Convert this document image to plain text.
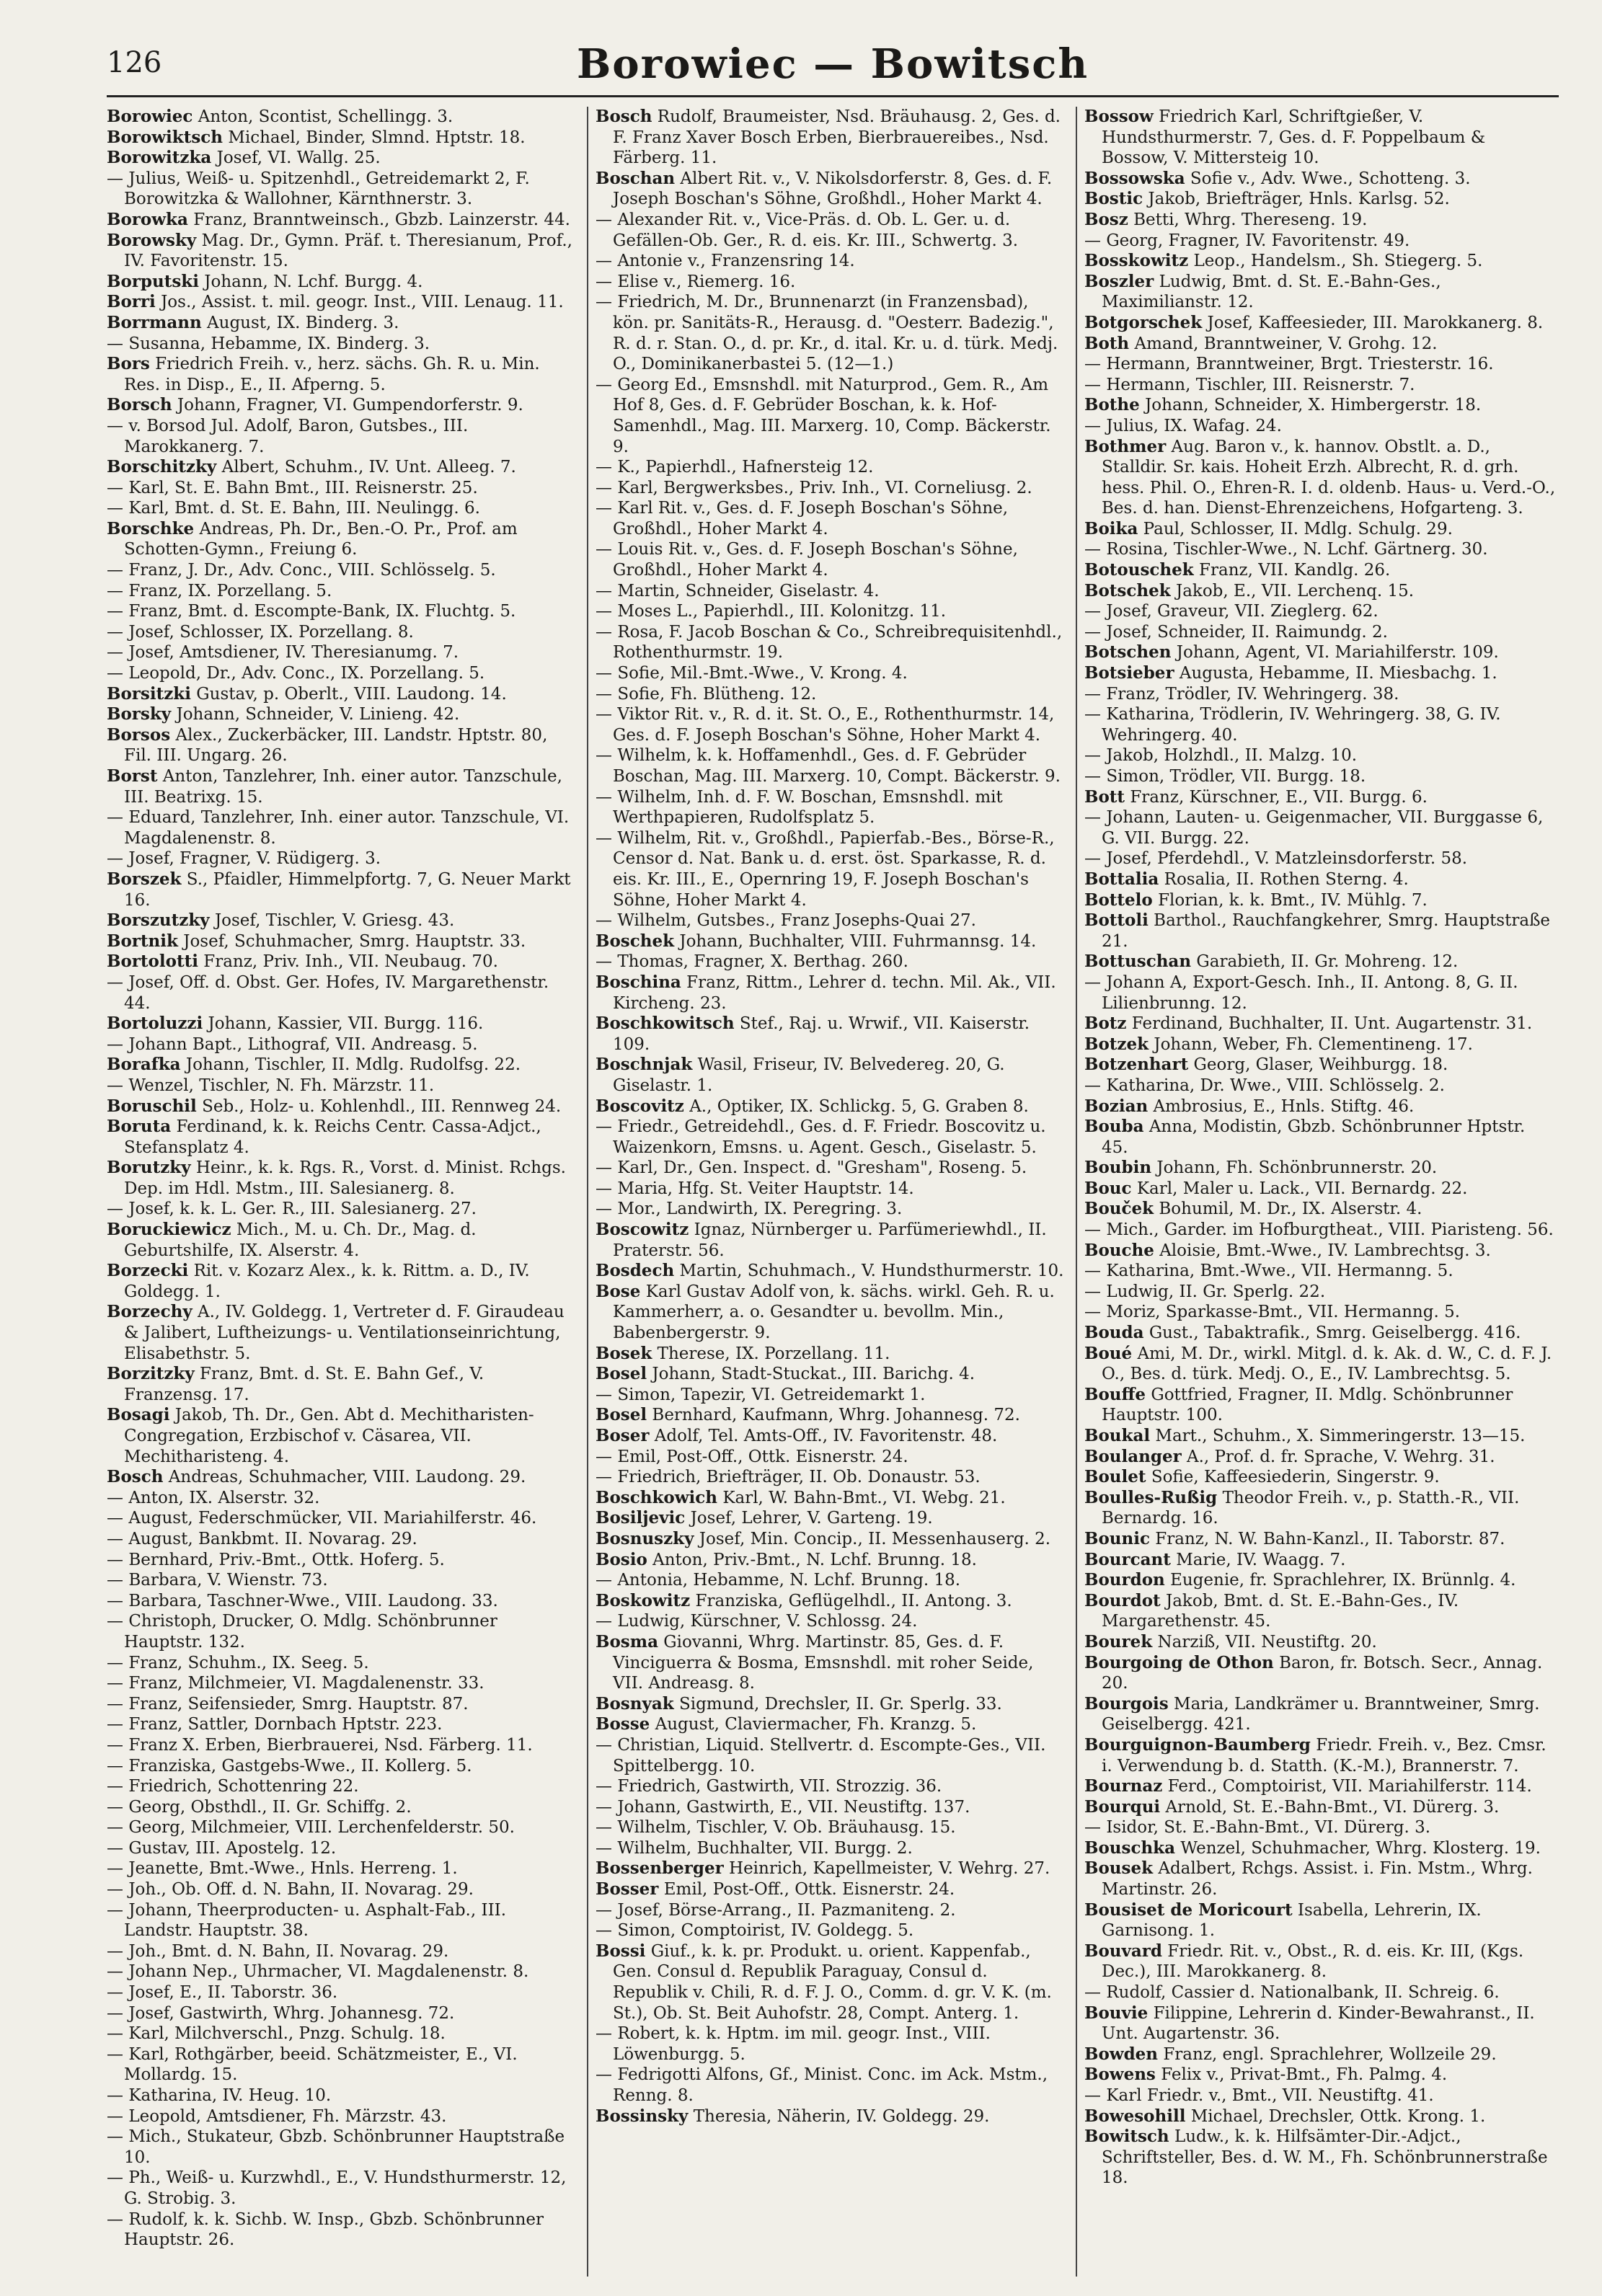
126	Borowiec — Bowitsch
Borowiec Anton, Scontist, Schellingg. 3.
Borowiktsch Michael, Binder, Slmnd. Hptstr. 18.
Borowitzka Josef, VI. Wallg. 25.
— Julius, Weiß- u. Spitzenhdl., Getreidemarkt 2, F. Borowitzka & Wallohner, Kärnthnerstr. 3.
Borowka Franz, Branntweinsch., Gbzb. Lainzerstr. 44.
Borowsky Mag. Dr., Gymn. Präf. t. Theresianum, Prof., IV. Favoritenstr. 15.
Borputski Johann, N. Lchf. Burgg. 4.
Borri Jos., Assist. t. mil. geogr. Inst., VIII. Lenaug. 11.
Borrmann August, IX. Binderg. 3.
— Susanna, Hebamme, IX. Binderg. 3.
Bors Friedrich Freih. v., herz. sächs. Gh. R. u. Min. Res. in Disp., E., II. Afperng. 5.
Borsch Johann, Fragner, VI. Gumpendorferstr. 9.
— v. Borsod Jul. Adolf, Baron, Gutsbes., III. Marokkanerg. 7.
Borschitzky Albert, Schuhm., IV. Unt. Alleeg. 7.
— Karl, St. E. Bahn Bmt., III. Reisnerstr. 25.
— Karl, Bmt. d. St. E. Bahn, III. Neulingg. 6.
Borschke Andreas, Ph. Dr., Ben.-O. Pr., Prof. am Schotten-Gymn., Freiung 6.
— Franz, J. Dr., Adv. Conc., VIII. Schlösselg. 5.
— Franz, IX. Porzellang. 5.
— Franz, Bmt. d. Escompte-Bank, IX. Fluchtg. 5.
— Josef, Schlosser, IX. Porzellang. 8.
— Josef, Amtsdiener, IV. Theresianumg. 7.
— Leopold, Dr., Adv. Conc., IX. Porzellang. 5.
Borsitzki Gustav, p. Oberlt., VIII. Laudong. 14.
Borsky Johann, Schneider, V. Linieng. 42.
Borsos Alex., Zuckerbäcker, III. Landstr. Hptstr. 80, Fil. III. Ungarg. 26.
Borst Anton, Tanzlehrer, Inh. einer autor. Tanzschule, III. Beatrixg. 15.
— Eduard, Tanzlehrer, Inh. einer autor. Tanzschule, VI. Magdalenenstr. 8.
— Josef, Fragner, V. Rüdigerg. 3.
Borszek S., Pfaidler, Himmelpfortg. 7, G. Neuer Markt 16.
Borszutzky Josef, Tischler, V. Griesg. 43.
Bortnik Josef, Schuhmacher, Smrg. Hauptstr. 33.
Bortolotti Franz, Priv. Inh., VII. Neubaug. 70.
— Josef, Off. d. Obst. Ger. Hofes, IV. Margarethenstr. 44.
Bortoluzzi Johann, Kassier, VII. Burgg. 116.
— Johann Bapt., Lithograf, VII. Andreasg. 5.
Borafka Johann, Tischler, II. Mdlg. Rudolfsg. 22.
— Wenzel, Tischler, N. Fh. Märzstr. 11.
Boruschil Seb., Holz- u. Kohlenhdl., III. Rennweg 24.
Boruta Ferdinand, k. k. Reichs Centr. Cassa-Adjct., Stefansplatz 4.
Borutzky Heinr., k. k. Rgs. R., Vorst. d. Minist. Rchgs. Dep. im Hdl. Mstm., III. Salesianerg. 8.
— Josef, k. k. L. Ger. R., III. Salesianerg. 27.
Boruckiewicz Mich., M. u. Ch. Dr., Mag. d. Geburtshilfe, IX. Alserstr. 4.
Borzecki Rit. v. Kozarz Alex., k. k. Rittm. a. D., IV. Goldegg. 1.
Borzechy A., IV. Goldegg. 1, Vertreter d. F. Giraudeau & Jalibert, Luftheizungs- u. Ventilationseinrichtung, Elisabethstr. 5.
Borzitzky Franz, Bmt. d. St. E. Bahn Gef., V. Franzensg. 17.
Bosagi Jakob, Th. Dr., Gen. Abt d. Mechitharisten-Congregation, Erzbischof v. Cäsarea, VII. Mechitharisteng. 4.
Bosch Andreas, Schuhmacher, VIII. Laudong. 29.
— Anton, IX. Alserstr. 32.
— August, Federschmücker, VII. Mariahilferstr. 46.
— August, Bankbmt. II. Novarag. 29.
— Bernhard, Priv.-Bmt., Ottk. Hoferg. 5.
— Barbara, V. Wienstr. 73.
— Barbara, Taschner-Wwe., VIII. Laudong. 33.
— Christoph, Drucker, O. Mdlg. Schönbrunner Hauptstr. 132.
— Franz, Schuhm., IX. Seeg. 5.
— Franz, Milchmeier, VI. Magdalenenstr. 33.
— Franz, Seifensieder, Smrg. Hauptstr. 87.
— Franz, Sattler, Dornbach Hptstr. 223.
— Franz X. Erben, Bierbrauerei, Nsd. Färberg. 11.
— Franziska, Gastgebs-Wwe., II. Kollerg. 5.
— Friedrich, Schottenring 22.
— Georg, Obsthdl., II. Gr. Schiffg. 2.
— Georg, Milchmeier, VIII. Lerchenfelderstr. 50.
— Gustav, III. Apostelg. 12.
— Jeanette, Bmt.-Wwe., Hnls. Herreng. 1.
— Joh., Ob. Off. d. N. Bahn, II. Novarag. 29.
— Johann, Theerproducten- u. Asphalt-Fab., III. Landstr. Hauptstr. 38.
— Joh., Bmt. d. N. Bahn, II. Novarag. 29.
— Johann Nep., Uhrmacher, VI. Magdalenenstr. 8.
— Josef, E., II. Taborstr. 36.
— Josef, Gastwirth, Whrg. Johannesg. 72.
— Karl, Milchverschl., Pnzg. Schulg. 18.
— Karl, Rothgärber, beeid. Schätzmeister, E., VI. Mollardg. 15.
— Katharina, IV. Heug. 10.
— Leopold, Amtsdiener, Fh. Märzstr. 43.
— Mich., Stukateur, Gbzb. Schönbrunner Hauptstraße 10.
— Ph., Weiß- u. Kurzwhdl., E., V. Hundsthurmerstr. 12, G. Strobig. 3.
— Rudolf, k. k. Sichb. W. Insp., Gbzb. Schönbrunner Hauptstr. 26.
Bosch Rudolf, Braumeister, Nsd. Bräuhausg. 2, Ges. d. F. Franz Xaver Bosch Erben, Bierbrauereibes., Nsd. Färberg. 11.
Boschan Albert Rit. v., V. Nikolsdorferstr. 8, Ges. d. F. Joseph Boschan's Söhne, Großhdl., Hoher Markt 4.
— Alexander Rit. v., Vice-Präs. d. Ob. L. Ger. u. d. Gefällen-Ob. Ger., R. d. eis. Kr. III., Schwertg. 3.
— Antonie v., Franzensring 14.
— Elise v., Riemerg. 16.
— Friedrich, M. Dr., Brunnenarzt (in Franzensbad), kön. pr. Sanitäts-R., Herausg. d. "Oesterr. Badezig.", R. d. r. Stan. O., d. pr. Kr., d. ital. Kr. u. d. türk. Medj. O., Dominikanerbastei 5. (12—1.)
— Georg Ed., Emsnshdl. mit Naturprod., Gem. R., Am Hof 8, Ges. d. F. Gebrüder Boschan, k. k. Hof-Samenhdl., Mag. III. Marxerg. 10, Comp. Bäckerstr. 9.
— K., Papierhdl., Hafnersteig 12.
— Karl, Bergwerksbes., Priv. Inh., VI. Corneliusg. 2.
— Karl Rit. v., Ges. d. F. Joseph Boschan's Söhne, Großhdl., Hoher Markt 4.
— Louis Rit. v., Ges. d. F. Joseph Boschan's Söhne, Großhdl., Hoher Markt 4.
— Martin, Schneider, Giselastr. 4.
— Moses L., Papierhdl., III. Kolonitzg. 11.
— Rosa, F. Jacob Boschan & Co., Schreibrequisitenhdl., Rothenthurmstr. 19.
— Sofie, Mil.-Bmt.-Wwe., V. Krong. 4.
— Sofie, Fh. Blütheng. 12.
— Viktor Rit. v., R. d. it. St. O., E., Rothenthurmstr. 14, Ges. d. F. Joseph Boschan's Söhne, Hoher Markt 4.
— Wilhelm, k. k. Hoffamenhdl., Ges. d. F. Gebrüder Boschan, Mag. III. Marxerg. 10, Compt. Bäckerstr. 9.
— Wilhelm, Inh. d. F. W. Boschan, Emsnshdl. mit Werthpapieren, Rudolfsplatz 5.
— Wilhelm, Rit. v., Großhdl., Papierfab.-Bes., Börse-R., Censor d. Nat. Bank u. d. erst. öst. Sparkasse, R. d. eis. Kr. III., E., Opernring 19, F. Joseph Boschan's Söhne, Hoher Markt 4.
— Wilhelm, Gutsbes., Franz Josephs-Quai 27.
Boschek Johann, Buchhalter, VIII. Fuhrmannsg. 14.
— Thomas, Fragner, X. Berthag. 260.
Boschina Franz, Rittm., Lehrer d. techn. Mil. Ak., VII. Kircheng. 23.
Boschkowitsch Stef., Raj. u. Wrwif., VII. Kaiserstr. 109.
Boschnjak Wasil, Friseur, IV. Belvedereg. 20, G. Giselastr. 1.
Boscovitz A., Optiker, IX. Schlickg. 5, G. Graben 8.
— Friedr., Getreidehdl., Ges. d. F. Friedr. Boscovitz u. Waizenkorn, Emsns. u. Agent. Gesch., Giselastr. 5.
— Karl, Dr., Gen. Inspect. d. "Gresham", Roseng. 5.
— Maria, Hfg. St. Veiter Hauptstr. 14.
— Mor., Landwirth, IX. Peregring. 3.
Boscowitz Ignaz, Nürnberger u. Parfümeriewhdl., II. Praterstr. 56.
Bosdech Martin, Schuhmach., V. Hundsthurmerstr. 10.
Bose Karl Gustav Adolf von, k. sächs. wirkl. Geh. R. u. Kammerherr, a. o. Gesandter u. bevollm. Min., Babenbergerstr. 9.
Bosek Therese, IX. Porzellang. 11.
Bosel Johann, Stadt-Stuckat., III. Barichg. 4.
— Simon, Tapezir, VI. Getreidemarkt 1.
Bosel Bernhard, Kaufmann, Whrg. Johannesg. 72.
Boser Adolf, Tel. Amts-Off., IV. Favoritenstr. 48.
— Emil, Post-Off., Ottk. Eisnerstr. 24.
— Friedrich, Briefträger, II. Ob. Donaustr. 53.
Boschkowich Karl, W. Bahn-Bmt., VI. Webg. 21.
Bosiljevic Josef, Lehrer, V. Garteng. 19.
Bosnuszky Josef, Min. Concip., II. Messenhauserg. 2.
Bosio Anton, Priv.-Bmt., N. Lchf. Brunng. 18.
— Antonia, Hebamme, N. Lchf. Brunng. 18.
Boskowitz Franziska, Geflügelhdl., II. Antong. 3.
— Ludwig, Kürschner, V. Schlossg. 24.
Bosma Giovanni, Whrg. Martinstr. 85, Ges. d. F. Vinciguerra & Bosma, Emsnshdl. mit roher Seide, VII. Andreasg. 8.
Bosnyak Sigmund, Drechsler, II. Gr. Sperlg. 33.
Bosse August, Claviermacher, Fh. Kranzg. 5.
— Christian, Liquid. Stellvertr. d. Escompte-Ges., VII. Spittelbergg. 10.
— Friedrich, Gastwirth, VII. Strozzig. 36.
— Johann, Gastwirth, E., VII. Neustiftg. 137.
— Wilhelm, Tischler, V. Ob. Bräuhausg. 15.
— Wilhelm, Buchhalter, VII. Burgg. 2.
Bossenberger Heinrich, Kapellmeister, V. Wehrg. 27.
Bosser Emil, Post-Off., Ottk. Eisnerstr. 24.
— Josef, Börse-Arrang., II. Pazmaniteng. 2.
— Simon, Comptoirist, IV. Goldegg. 5.
Bossi Giuf., k. k. pr. Produkt. u. orient. Kappenfab., Gen. Consul d. Republik Paraguay, Consul d. Republik v. Chili, R. d. F. J. O., Comm. d. gr. V. K. (m. St.), Ob. St. Beit Auhofstr. 28, Compt. Anterg. 1.
— Robert, k. k. Hptm. im mil. geogr. Inst., VIII. Löwenburgg. 5.
— Fedrigotti Alfons, Gf., Minist. Conc. im Ack. Mstm., Renng. 8.
Bossinsky Theresia, Näherin, IV. Goldegg. 29.
Bossow Friedrich Karl, Schriftgießer, V. Hundsthurmerstr. 7, Ges. d. F. Poppelbaum & Bossow, V. Mittersteig 10.
Bossowska Sofie v., Adv. Wwe., Schotteng. 3.
Bostic Jakob, Briefträger, Hnls. Karlsg. 52.
Bosz Betti, Whrg. Thereseng. 19.
— Georg, Fragner, IV. Favoritenstr. 49.
Bosskowitz Leop., Handelsm., Sh. Stiegerg. 5.
Boszler Ludwig, Bmt. d. St. E.-Bahn-Ges., Maximilianstr. 12.
Botgorschek Josef, Kaffeesieder, III. Marokkanerg. 8.
Both Amand, Branntweiner, V. Grohg. 12.
— Hermann, Branntweiner, Brgt. Triesterstr. 16.
— Hermann, Tischler, III. Reisnerstr. 7.
Bothe Johann, Schneider, X. Himbergerstr. 18.
— Julius, IX. Wafag. 24.
Bothmer Aug. Baron v., k. hannov. Obstlt. a. D., Stalldir. Sr. kais. Hoheit Erzh. Albrecht, R. d. grh. hess. Phil. O., Ehren-R. I. d. oldenb. Haus- u. Verd.-O., Bes. d. han. Dienst-Ehrenzeichens, Hofgarteng. 3.
Boika Paul, Schlosser, II. Mdlg. Schulg. 29.
— Rosina, Tischler-Wwe., N. Lchf. Gärtnerg. 30.
Botouschek Franz, VII. Kandlg. 26.
Botschek Jakob, E., VII. Lerchenq. 15.
— Josef, Graveur, VII. Zieglerg. 62.
— Josef, Schneider, II. Raimundg. 2.
Botschen Johann, Agent, VI. Mariahilferstr. 109.
Botsieber Augusta, Hebamme, II. Miesbachg. 1.
— Franz, Trödler, IV. Wehringerg. 38.
— Katharina, Trödlerin, IV. Wehringerg. 38, G. IV. Wehringerg. 40.
— Jakob, Holzhdl., II. Malzg. 10.
— Simon, Trödler, VII. Burgg. 18.
Bott Franz, Kürschner, E., VII. Burgg. 6.
— Johann, Lauten- u. Geigenmacher, VII. Burggasse 6, G. VII. Burgg. 22.
— Josef, Pferdehdl., V. Matzleinsdorferstr. 58.
Bottalia Rosalia, II. Rothen Sterng. 4.
Bottelo Florian, k. k. Bmt., IV. Mühlg. 7.
Bottoli Barthol., Rauchfangkehrer, Smrg. Hauptstraße 21.
Bottuschan Garabieth, II. Gr. Mohreng. 12.
— Johann A, Export-Gesch. Inh., II. Antong. 8, G. II. Lilienbrunng. 12.
Botz Ferdinand, Buchhalter, II. Unt. Augartenstr. 31.
Botzek Johann, Weber, Fh. Clementineng. 17.
Botzenhart Georg, Glaser, Weihburgg. 18.
— Katharina, Dr. Wwe., VIII. Schlösselg. 2.
Bozian Ambrosius, E., Hnls. Stiftg. 46.
Bouba Anna, Modistin, Gbzb. Schönbrunner Hptstr. 45.
Boubin Johann, Fh. Schönbrunnerstr. 20.
Bouc Karl, Maler u. Lack., VII. Bernardg. 22.
Bouček Bohumil, M. Dr., IX. Alserstr. 4.
— Mich., Garder. im Hofburgtheat., VIII. Piaristeng. 56.
Bouche Aloisie, Bmt.-Wwe., IV. Lambrechtsg. 3.
— Katharina, Bmt.-Wwe., VII. Hermanng. 5.
— Ludwig, II. Gr. Sperlg. 22.
— Moriz, Sparkasse-Bmt., VII. Hermanng. 5.
Bouda Gust., Tabaktrafik., Smrg. Geiselbergg. 416.
Boué Ami, M. Dr., wirkl. Mitgl. d. k. Ak. d. W., C. d. F. J. O., Bes. d. türk. Medj. O., E., IV. Lambrechtsg. 5.
Bouffe Gottfried, Fragner, II. Mdlg. Schönbrunner Hauptstr. 100.
Boukal Mart., Schuhm., X. Simmeringerstr. 13—15.
Boulanger A., Prof. d. fr. Sprache, V. Wehrg. 31.
Boulet Sofie, Kaffeesiederin, Singerstr. 9.
Boulles-Rußig Theodor Freih. v., p. Statth.-R., VII. Bernardg. 16.
Bounic Franz, N. W. Bahn-Kanzl., II. Taborstr. 87.
Bourcant Marie, IV. Waagg. 7.
Bourdon Eugenie, fr. Sprachlehrer, IX. Brünnlg. 4.
Bourdot Jakob, Bmt. d. St. E.-Bahn-Ges., IV. Margarethenstr. 45.
Bourek Narziß, VII. Neustiftg. 20.
Bourgoing de Othon Baron, fr. Botsch. Secr., Annag. 20.
Bourgois Maria, Landkrämer u. Branntweiner, Smrg. Geiselbergg. 421.
Bourguignon-Baumberg Friedr. Freih. v., Bez. Cmsr. i. Verwendung b. d. Statth. (K.-M.), Brannerstr. 7.
Bournaz Ferd., Comptoirist, VII. Mariahilferstr. 114.
Bourqui Arnold, St. E.-Bahn-Bmt., VI. Dürerg. 3.
— Isidor, St. E.-Bahn-Bmt., VI. Dürerg. 3.
Bouschka Wenzel, Schuhmacher, Whrg. Klosterg. 19.
Bousek Adalbert, Rchgs. Assist. i. Fin. Mstm., Whrg. Martinstr. 26.
Bousiset de Moricourt Isabella, Lehrerin, IX. Garnisong. 1.
Bouvard Friedr. Rit. v., Obst., R. d. eis. Kr. III, (Kgs. Dec.), III. Marokkanerg. 8.
— Rudolf, Cassier d. Nationalbank, II. Schreig. 6.
Bouvie Filippine, Lehrerin d. Kinder-Bewahranst., II. Unt. Augartenstr. 36.
Bowden Franz, engl. Sprachlehrer, Wollzeile 29.
Bowens Felix v., Privat-Bmt., Fh. Palmg. 4.
— Karl Friedr. v., Bmt., VII. Neustiftg. 41.
Bowesohill Michael, Drechsler, Ottk. Krong. 1.
Bowitsch Ludw., k. k. Hilfsämter-Dir.-Adjct., Schriftsteller, Bes. d. W. M., Fh. Schönbrunnerstraße 18.
